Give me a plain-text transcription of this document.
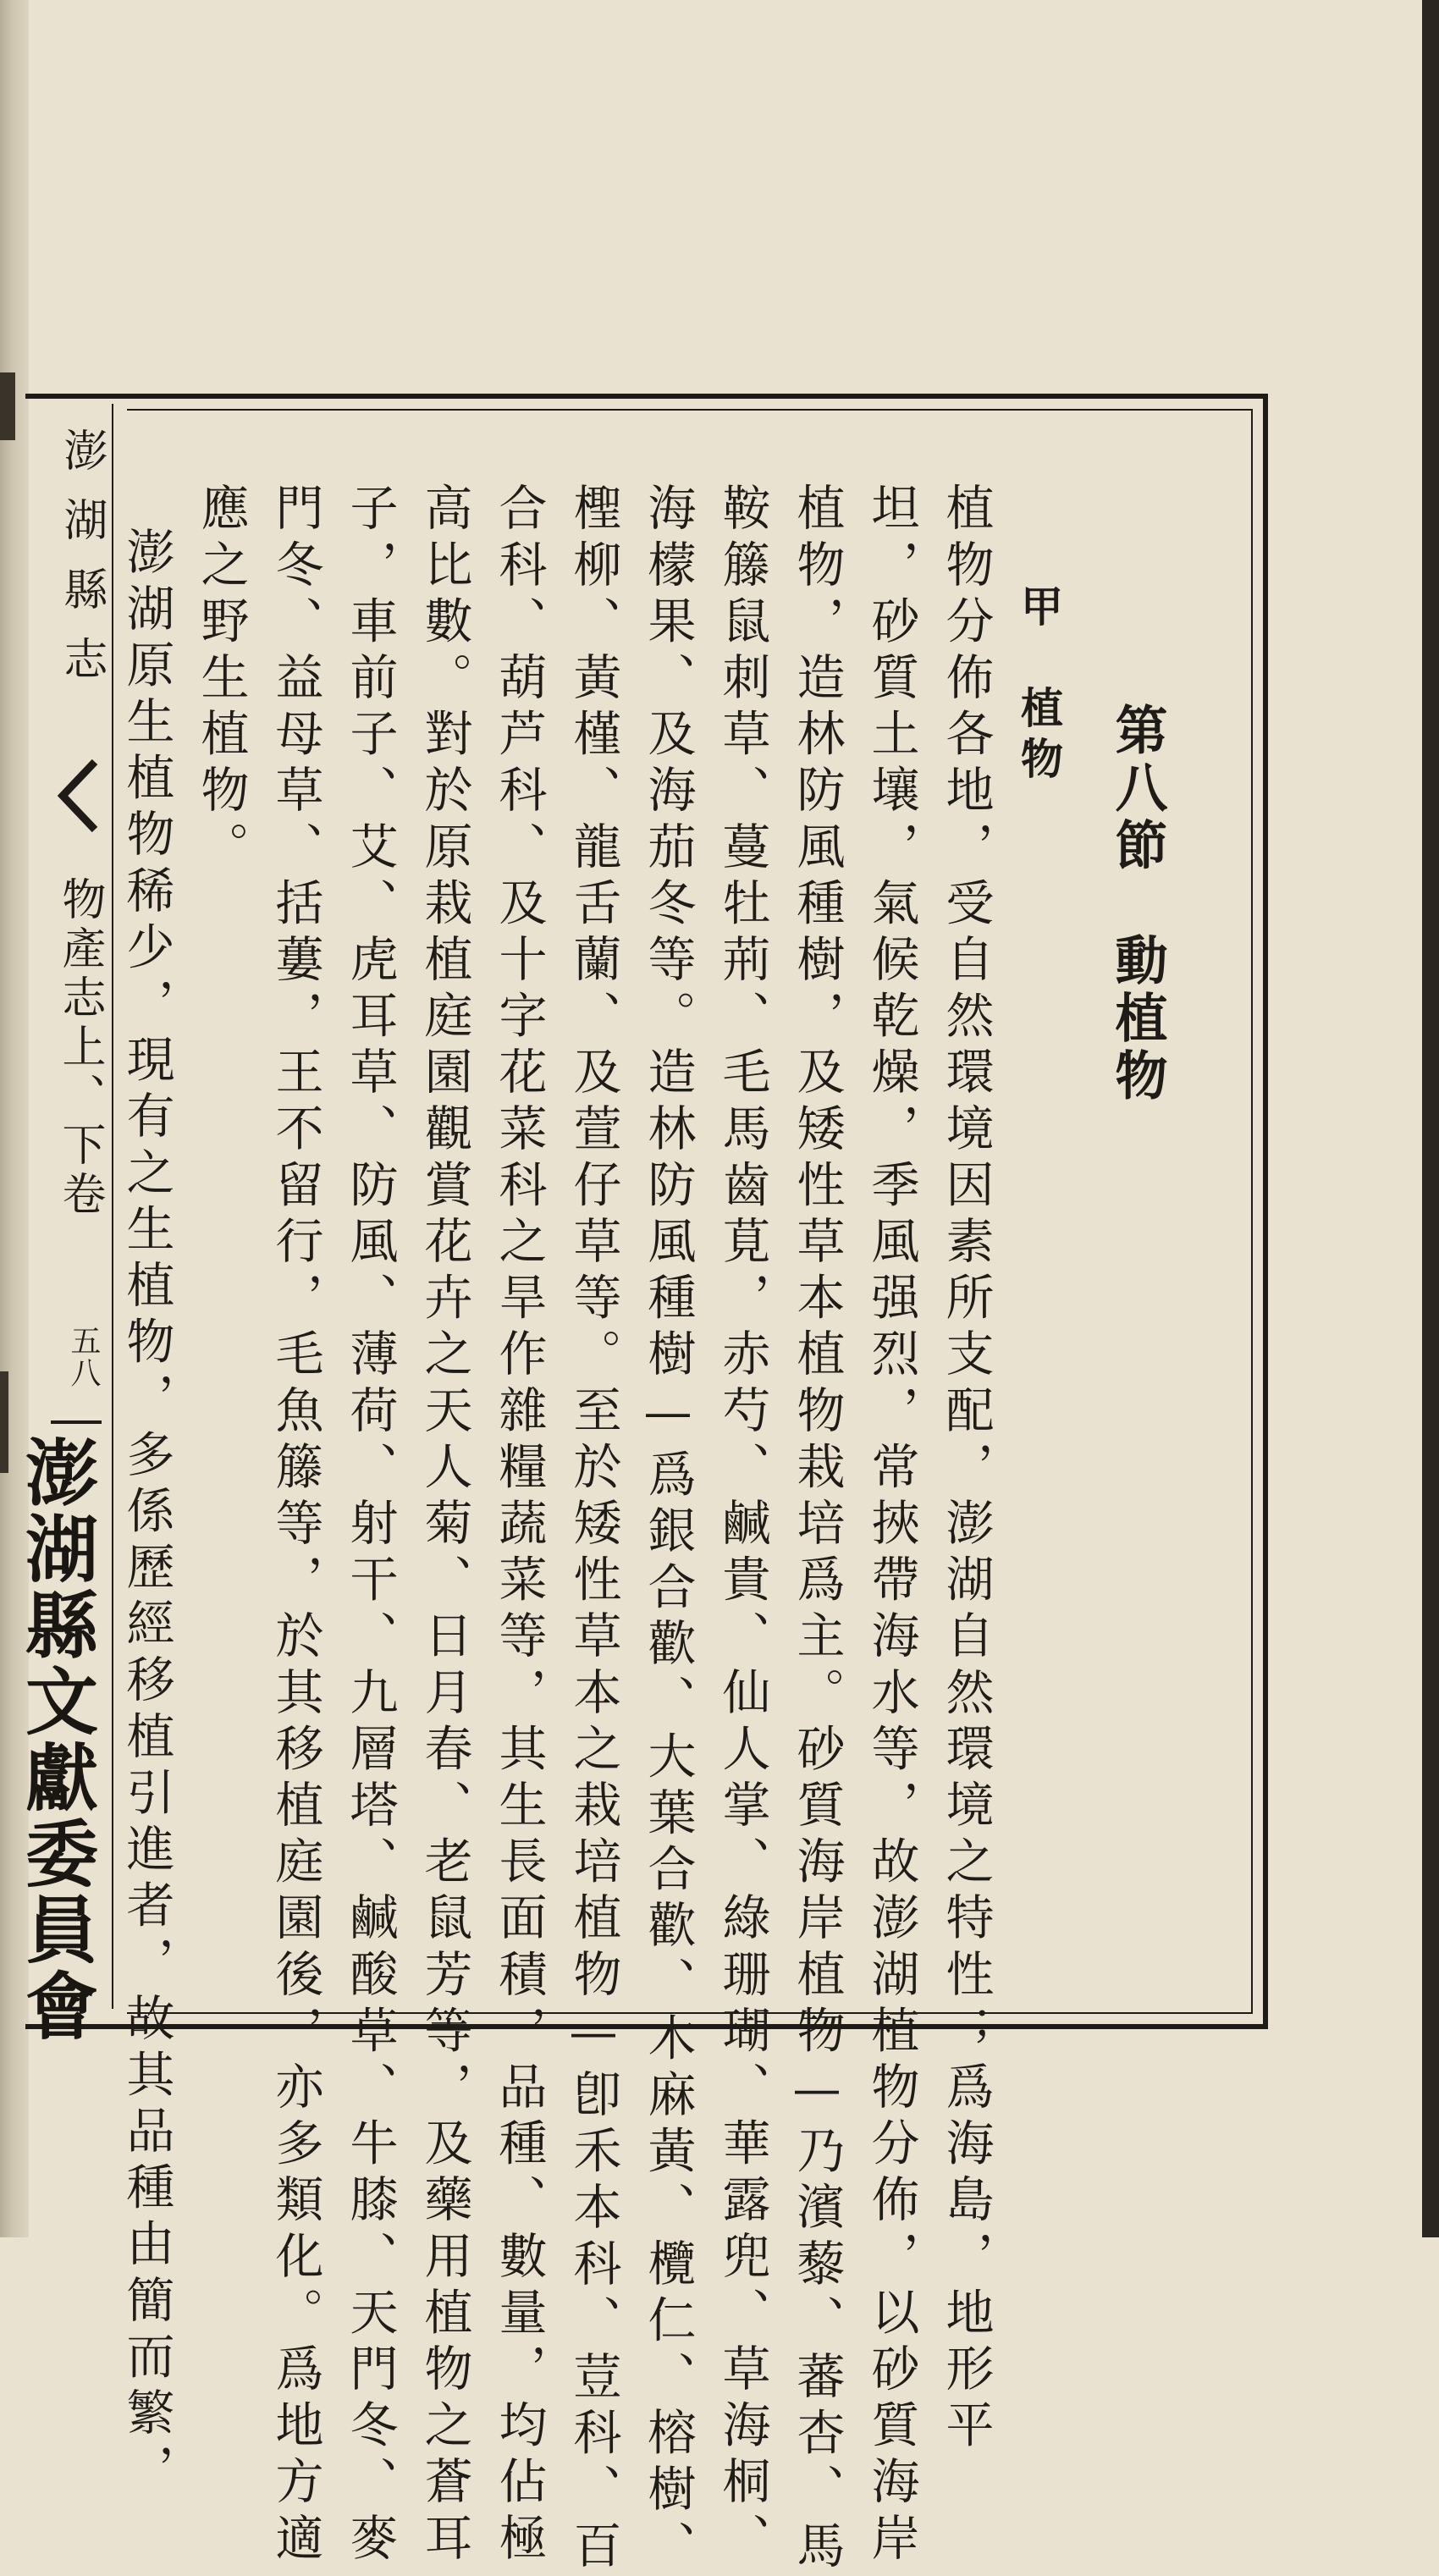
澎湖縣志
物產志上、下卷
五八
澎湖縣文獻委員會
第八節　動植物
甲　植物
植物分佈各地，受自然環境因素所支配，澎湖自然環境之特性；爲海島，地形平
坦，砂質土壤，氣候乾燥，季風强烈，常挾帶海水等，故澎湖植物分佈，以砂質海岸
植物，造林防風種樹，及矮性草本植物栽培爲主。砂質海岸植物—乃濱藜、蕃杏、馬
鞍籐鼠刺草、蔓牡荊、毛馬齒莧，赤芍、鹹貴、仙人掌、綠珊瑚、華露兜、草海桐、
海檬果、及海茄冬等。造林防風種樹—爲銀合歡、大葉合歡、木麻黃、欖仁、榕樹、
檉柳、黃槿、龍舌蘭、及萱仔草等。至於矮性草本之栽培植物—卽禾本科、荳科、百
合科、葫芦科、及十字花菜科之旱作雜糧蔬菜等，其生長面積，品種、數量，均佔極
高比數。對於原栽植庭園觀賞花卉之天人菊、日月春、老鼠芳等，及藥用植物之蒼耳
子，車前子、艾、虎耳草、防風、薄荷、射干、九層塔、鹹酸草、牛膝、天門冬、麥
門冬、益母草、括蔞，王不留行，毛魚籐等，於其移植庭園後，亦多類化。爲地方適
應之野生植物。
澎湖原生植物稀少，現有之生植物，多係歷經移植引進者，故其品種由簡而繁，
